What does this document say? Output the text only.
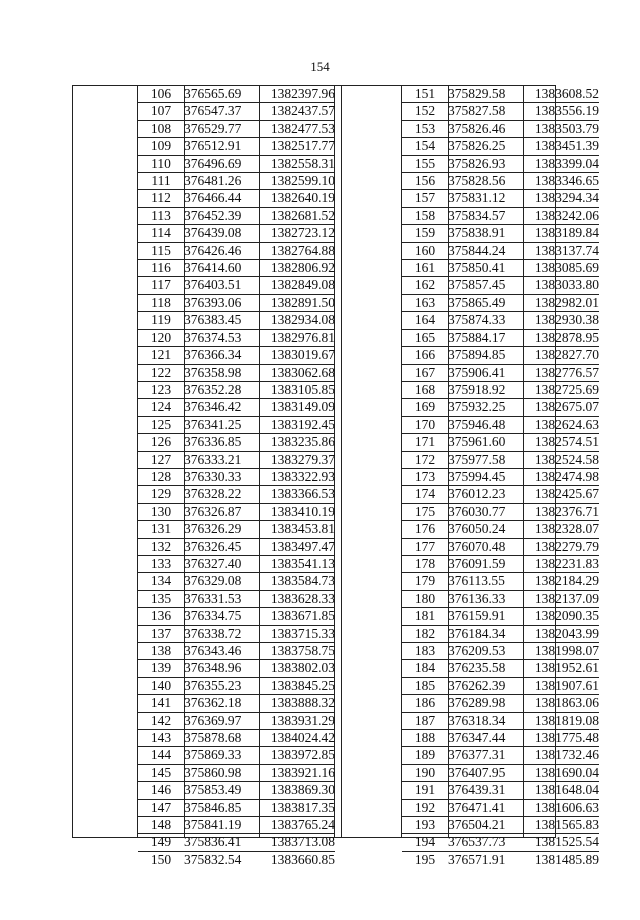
154
106	376565.69	1382397.96
107	376547.37	1382437.57
108	376529.77	1382477.53
109	376512.91	1382517.77
110	376496.69	1382558.31
111	376481.26	1382599.10
112	376466.44	1382640.19
113	376452.39	1382681.52
114	376439.08	1382723.12
115	376426.46	1382764.88
116	376414.60	1382806.92
117	376403.51	1382849.08
118	376393.06	1382891.50
119	376383.45	1382934.08
120	376374.53	1382976.81
121	376366.34	1383019.67
122	376358.98	1383062.68
123	376352.28	1383105.85
124	376346.42	1383149.09
125	376341.25	1383192.45
126	376336.85	1383235.86
127	376333.21	1383279.37
128	376330.33	1383322.93
129	376328.22	1383366.53
130	376326.87	1383410.19
131	376326.29	1383453.81
132	376326.45	1383497.47
133	376327.40	1383541.13
134	376329.08	1383584.73
135	376331.53	1383628.33
136	376334.75	1383671.85
137	376338.72	1383715.33
138	376343.46	1383758.75
139	376348.96	1383802.03
140	376355.23	1383845.25
141	376362.18	1383888.32
142	376369.97	1383931.29
143	375878.68	1384024.42
144	375869.33	1383972.85
145	375860.98	1383921.16
146	375853.49	1383869.30
147	375846.85	1383817.35
148	375841.19	1383765.24
149	375836.41	1383713.08
150	375832.54	1383660.85
151	375829.58	1383608.52
152	375827.58	1383556.19
153	375826.46	1383503.79
154	375826.25	1383451.39
155	375826.93	1383399.04
156	375828.56	1383346.65
157	375831.12	1383294.34
158	375834.57	1383242.06
159	375838.91	1383189.84
160	375844.24	1383137.74
161	375850.41	1383085.69
162	375857.45	1383033.80
163	375865.49	1382982.01
164	375874.33	1382930.38
165	375884.17	1382878.95
166	375894.85	1382827.70
167	375906.41	1382776.57
168	375918.92	1382725.69
169	375932.25	1382675.07
170	375946.48	1382624.63
171	375961.60	1382574.51
172	375977.58	1382524.58
173	375994.45	1382474.98
174	376012.23	1382425.67
175	376030.77	1382376.71
176	376050.24	1382328.07
177	376070.48	1382279.79
178	376091.59	1382231.83
179	376113.55	1382184.29
180	376136.33	1382137.09
181	376159.91	1382090.35
182	376184.34	1382043.99
183	376209.53	1381998.07
184	376235.58	1381952.61
185	376262.39	1381907.61
186	376289.98	1381863.06
187	376318.34	1381819.08
188	376347.44	1381775.48
189	376377.31	1381732.46
190	376407.95	1381690.04
191	376439.31	1381648.04
192	376471.41	1381606.63
193	376504.21	1381565.83
194	376537.73	1381525.54
195	376571.91	1381485.89
